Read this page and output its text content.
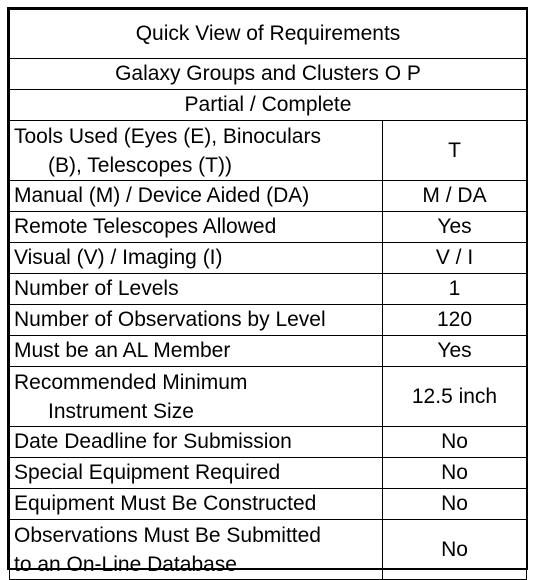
Quick View of Requirements	
Galaxy Groups and Clusters O P	
Partial / Complete	

Tools Used (Eyes (E), Binoculars
(B), Telescopes (T))	T
Manual (M) / Device Aided (DA)	M / DA
Remote Telescopes Allowed	Yes
Visual (V) / Imaging (I)	V / I
Number of Levels	1
Number of Observations by Level	120
Must be an AL Member	Yes

Recommended Minimum
Instrument Size	12.5 inch
Date Deadline for Submission	No
Special Equipment Required	No
Equipment Must Be Constructed	No

Observations Must Be Submitted
to an On-Line Database	No
